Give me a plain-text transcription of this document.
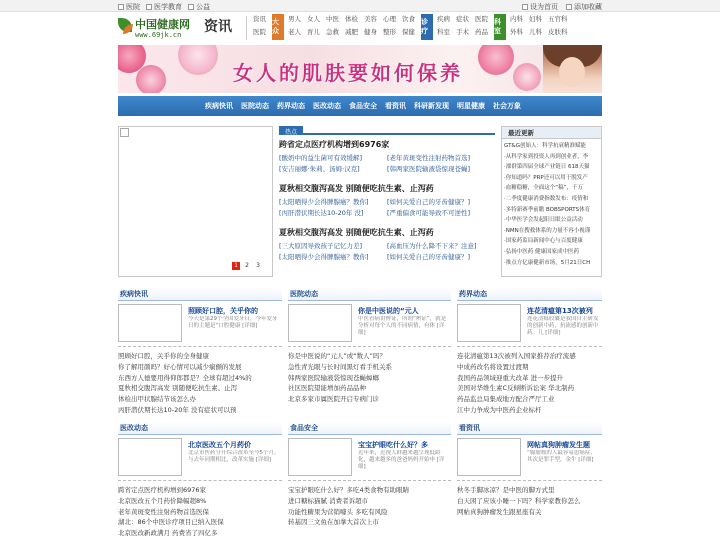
医院	医学教育	公益	设为首页	添加收藏
中国健康网
www.69jk.cn 资讯	资讯
医院
大众
男人
老人
女人
育儿
中医
急救
体检
减肥
美容
健身
心理
整形
饮食
保健
诊疗
疾病
科室
症状
手术
医院
药品
科室
内科
外科
妇科
儿科
五官科
皮肤科
女人的肌肤要如何保养
疾病快讯	医院动态	药界动态	医改动态	食品安全	看资讯	科研新发现	明星健康	社会万象
1	2	3
热点
跨省定点医疗机构增到6976家
[酸奶中的益生菌可有效缓解]	[老年黄斑变性注射药物首选]
[安吉丽娜·朱莉、汤姆·汉克]	[韩两家医院输液袋惊现苍蝇]
夏秋相交腹泻高发 别随便吃抗生素、止泻药
[太阳晒得少会得脾腺癌？教你]	[如何关爱自己的牙齿健康？]
[丙肝潜伏期长达10-20年 没]	[严重偏食可能导致不可逆性]
夏秋相交腹泻高发 别随便吃抗生素、止泻药
[三大原因导致孩子记忆力差]	[高血压为什么降不下来？注意]
[太阳晒得少会得脾腺癌？教你]	[如何关爱自己的牙齿健康？]
最近更新
GT&G创始人：科学抗衰精准赋能
·从科学家到投资人再到创业者，李
·溧群第四届全球产业链日 618天猫
·你知道吗？PRP还可以用于脱发产
·血糖稳糖，全面这个“稿”，千万
·二季度健康消费指数发布：疫情和
·多特新赛季前瞻 BOBSPORTS体育
·中华医学会发起阳日眼公益活动
·NMN在搜救体系的力量不容小视谨
·国家药监局新闻中心与百度健康
·弘扬中医药 健康国家成中医药
·推点方亿康健新市场，5月21日CH
疾病快讯
照顾好口腔，关乎你的
今天是第29个全国爱牙日，今年爱牙日的主题是“口腔健康 [详细]
照顾好口腔，关乎你的全身健康
你了解用颜吗？好心情可以减少痫颤的发展
东西方人德要用得仰郎都是？全球有超过4%的
夏秋相交腹泻高发 别随便吃抗生素、止泻
体检出甲状腺结节该怎么办
丙肝潜伏期长达10-20年 没有症状可以预
医院动态
你是中医说的“元人
中医看病讲辨证，所谓“辨证”，就是分析对每个人的不同病情，有体 [详细]
你是中医说的“元人”或“数人”吗？
急性青光眼与长时间黑灯看手机关系
韩两家医院输液袋惊现苍蝇蟑螂
社区医院望能增加药品品种
北京多家市属医院开启专病门诊
药界动态
连花清瘟第13次被列
连花清瘟胶囊是我国自主研发的创新中药，抗流感的创新中药。几 [详细]
连花清瘟第13次被列入国家推荐治疗流感
中成药改名将设置过渡期
我国药品领域迎重大改革 进一步提升
美国对华维生素C反倾断诉讼案 华北制药
药品监总局集成地方配合严厅工业
江中力争成为中医药企业标杆
医改动态
北京医改五个月药价
北京市医药分开综合改革至今5个月，与去年同期相比，改革实施 [详细]
跨省定点医疗机构增到6976家
北京医改五个月药价降幅超8%
老年黄斑变性注射药物首选医保
湖北：86个中医诊疗项目已纳入医保
北京医改新政满月 药费省了四亿多
食品安全
宝宝护眼吃什么好？多
近年来，近视人群越来越呈现低龄化，越来越多的爸爸妈妈开始申 [详细]
宝宝护眼吃什么好？多吃4类食物有助眼睛
进口糖标猫腻 消费者诉超市
功能性糖果为营销噱头 多吃有风险
转基因三文鱼在加拿大首次上市
看资讯
网帖真狗肿瘤发生题
“腺瘤瘤的人最容易患癌症，其次是罪手型，金牛 [详细]
秋冬手脚冰凉？是中医的脚方式里
白天困了应该小睡一下吗？科学家教你怎么
网帖真狗肿瘤发生跟星座有关
